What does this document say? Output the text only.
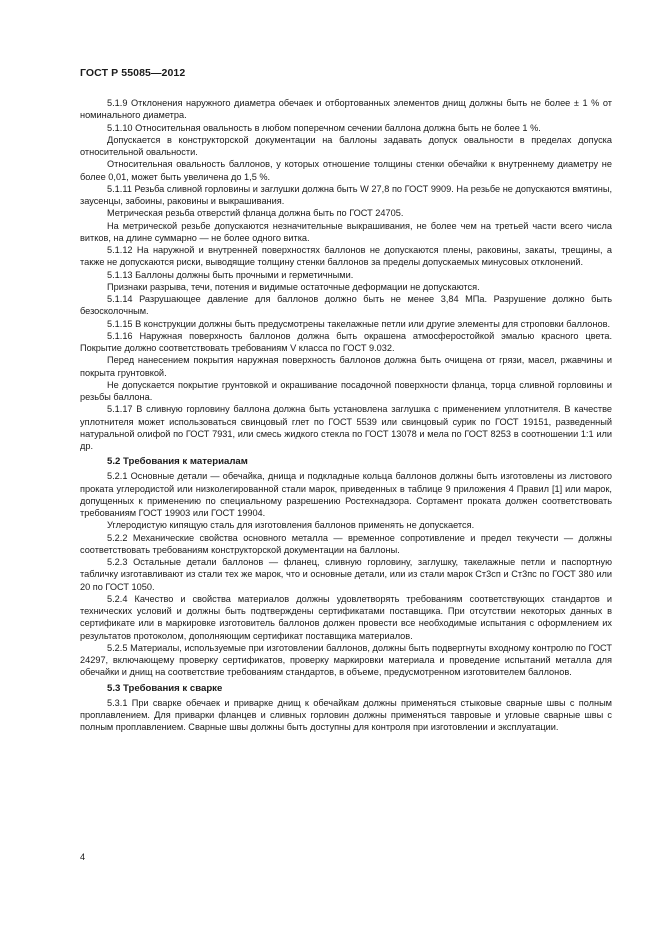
ГОСТ Р 55085—2012

5.1.9 Отклонения наружного диаметра обечаек и отбортованных элементов днищ должны быть не более ± 1 % от номинального диаметра.

5.1.10 Относительная овальность в любом поперечном сечении баллона должна быть не более 1 %.

Допускается в конструкторской документации на баллоны задавать допуск овальности в пределах допуска относительной овальности.

Относительная овальность баллонов, у которых отношение толщины стенки обечайки к внутреннему диаметру не более 0,01, может быть увеличена до 1,5 %.

5.1.11 Резьба сливной горловины и заглушки должна быть W 27,8 по ГОСТ 9909. На резьбе не допускаются вмятины, заусенцы, забоины, раковины и выкрашивания.

Метрическая резьба отверстий фланца должна быть по ГОСТ 24705.

На метрической резьбе допускаются незначительные выкрашивания, не более чем на третьей части всего числа витков, на длине суммарно — не более одного витка.

5.1.12 На наружной и внутренней поверхностях баллонов не допускаются плены, раковины, закаты, трещины, а также не допускаются риски, выводящие толщину стенки баллонов за пределы допускаемых минусовых отклонений.

5.1.13 Баллоны должны быть прочными и герметичными.

Признаки разрыва, течи, потения и видимые остаточные деформации не допускаются.

5.1.14 Разрушающее давление для баллонов должно быть не менее 3,84 МПа. Разрушение должно быть безосколочным.

5.1.15 В конструкции должны быть предусмотрены такелажные петли или другие элементы для строповки баллонов.

5.1.16 Наружная поверхность баллонов должна быть окрашена атмосферостойкой эмалью красного цвета. Покрытие должно соответствовать требованиям V класса по ГОСТ 9.032.

Перед нанесением покрытия наружная поверхность баллонов должна быть очищена от грязи, масел, ржавчины и покрыта грунтовкой.

Не допускается покрытие грунтовкой и окрашивание посадочной поверхности фланца, торца сливной горловины и резьбы баллона.

5.1.17 В сливную горловину баллона должна быть установлена заглушка с применением уплотнителя. В качестве уплотнителя может использоваться свинцовый глет по ГОСТ 5539 или свинцовый сурик по ГОСТ 19151, разведенный натуральной олифой по ГОСТ 7931, или смесь жидкого стекла по ГОСТ 13078 и мела по ГОСТ 8253 в соотношении 1:1 или др.

5.2 Требования к материалам

5.2.1 Основные детали — обечайка, днища и подкладные кольца баллонов должны быть изготовлены из листового проката углеродистой или низколегированной стали марок, приведенных в таблице 9 приложения 4 Правил [1] или марок, допущенных к применению по специальному разрешению Ростехнадзора. Сортамент проката должен соответствовать требованиям ГОСТ 19903 или ГОСТ 19904.

Углеродистую кипящую сталь для изготовления баллонов применять не допускается.

5.2.2 Механические свойства основного металла — временное сопротивление и предел текучести — должны соответствовать требованиям конструкторской документации на баллоны.

5.2.3 Остальные детали баллонов — фланец, сливную горловину, заглушку, такелажные петли и паспортную табличку изготавливают из стали тех же марок, что и основные детали, или из стали марок Ст3сп и Ст3пс по ГОСТ 380 или 20 по ГОСТ 1050.

5.2.4 Качество и свойства материалов должны удовлетворять требованиям соответствующих стандартов и технических условий и должны быть подтверждены сертификатами поставщика. При отсутствии некоторых данных в сертификате или в маркировке изготовитель баллонов должен провести все необходимые испытания с оформлением их результатов протоколом, дополняющим сертификат поставщика материалов.

5.2.5 Материалы, используемые при изготовлении баллонов, должны быть подвергнуты входному контролю по ГОСТ 24297, включающему проверку сертификатов, проверку маркировки материала и проведение испытаний металла для обечайки и днищ на соответствие требованиям стандартов, в объеме, предусмотренном изготовителем баллонов.

5.3 Требования к сварке

5.3.1 При сварке обечаек и приварке днищ к обечайкам должны применяться стыковые сварные швы с полным проплавлением. Для приварки фланцев и сливных горловин должны применяться тавровые и угловые сварные швы с полным проплавлением. Сварные швы должны быть доступны для контроля при изготовлении и эксплуатации.

4
